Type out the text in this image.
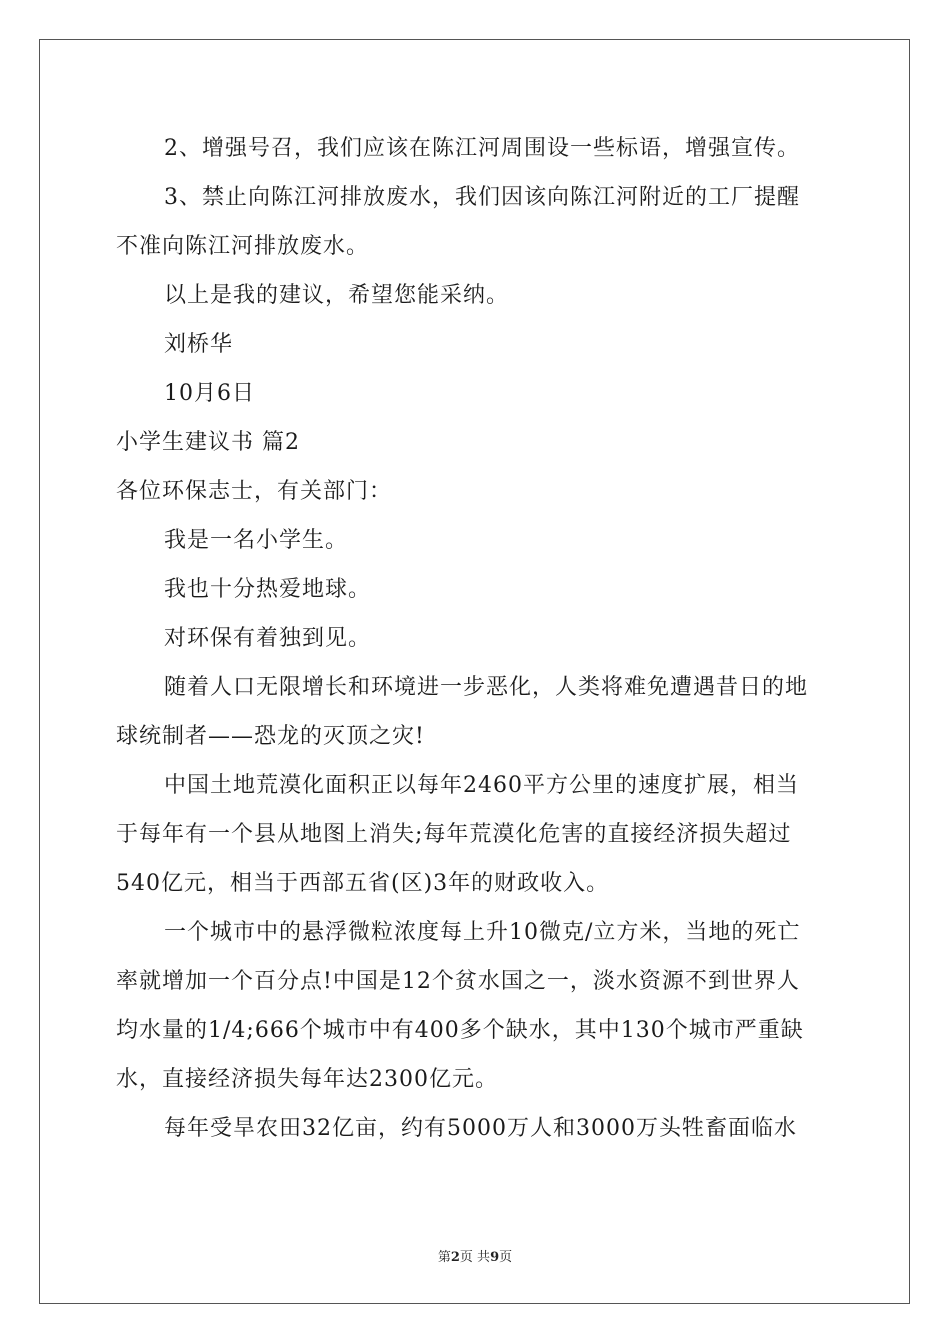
2、增强号召，我们应该在陈江河周围设一些标语，增强宣传。
3、禁止向陈江河排放废水，我们因该向陈江河附近的工厂提醒
不准向陈江河排放废水。
以上是我的建议，希望您能采纳。
刘桥华
10月6日
小学生建议书 篇2
各位环保志士，有关部门：
我是一名小学生。
我也十分热爱地球。
对环保有着独到见。
随着人口无限增长和环境进一步恶化，人类将难免遭遇昔日的地
球统制者——恐龙的灭顶之灾!
中国土地荒漠化面积正以每年2460平方公里的速度扩展，相当
于每年有一个县从地图上消失;每年荒漠化危害的直接经济损失超过
540亿元，相当于西部五省(区)3年的财政收入。
一个城市中的悬浮微粒浓度每上升10微克/立方米，当地的死亡
率就增加一个百分点!中国是12个贫水国之一，淡水资源不到世界人
均水量的1/4;666个城市中有400多个缺水，其中130个城市严重缺
水，直接经济损失每年达2300亿元。
每年受旱农田32亿亩，约有5000万人和3000万头牲畜面临水
第2页 共9页
